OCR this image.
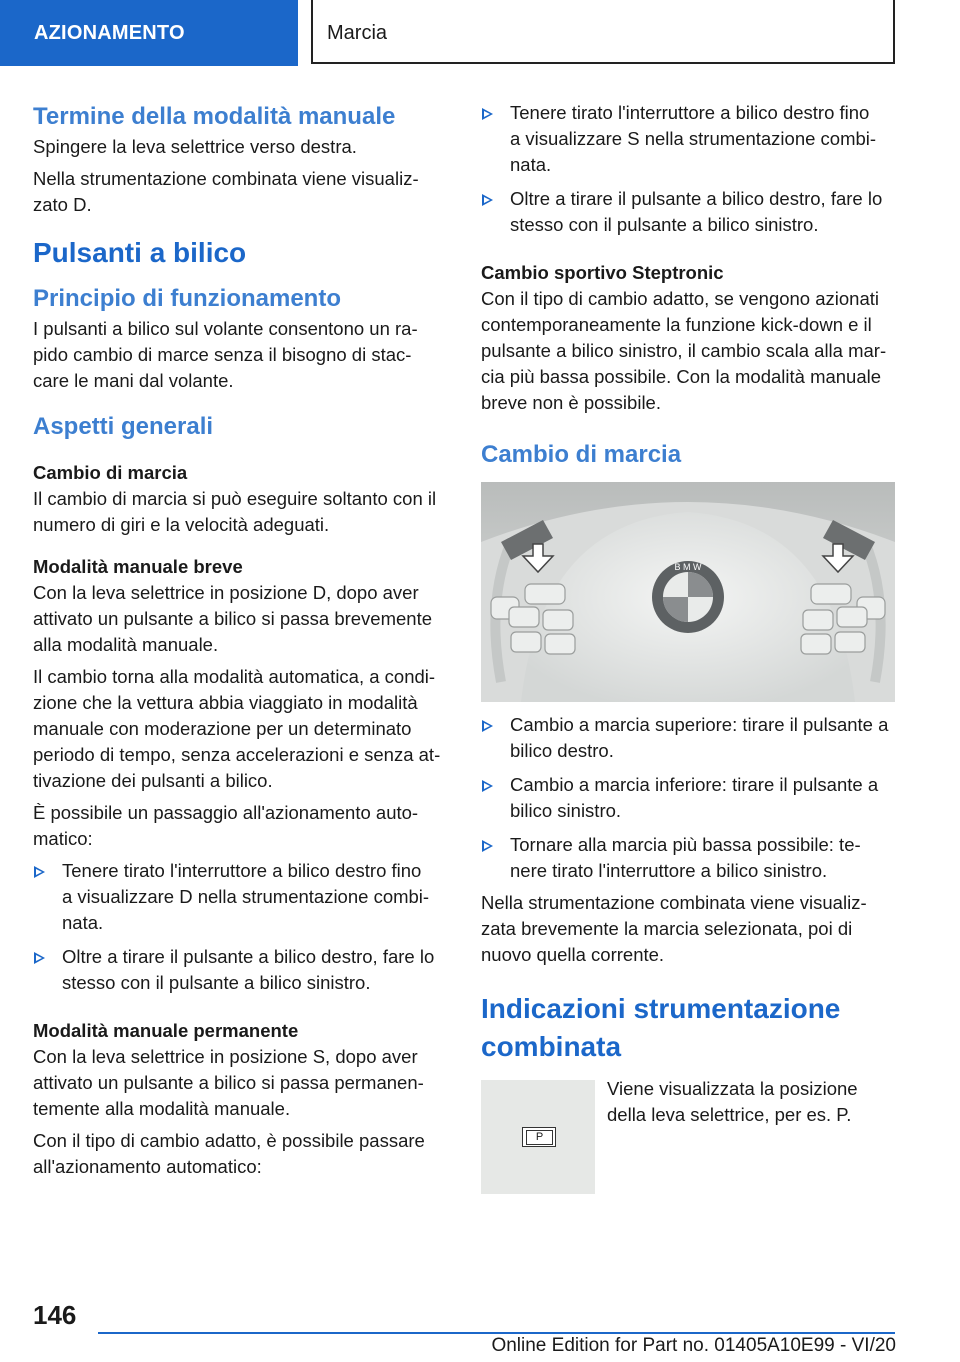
AZIONAMENTO	Marcia
Termine della modalità manuale

Spingere la leva selettrice verso destra.

Nella strumentazione combinata viene visualiz‐

zato D.

Pulsanti a bilico
Principio di funzionamento

I pulsanti a bilico sul volante consentono un ra‐

pido cambio di marce senza il bisogno di stac‐

care le mani dal volante.

Aspetti generali
Cambio di marcia

Il cambio di marcia si può eseguire soltanto con il

numero di giri e la velocità adeguati.

Modalità manuale breve

Con la leva selettrice in posizione D, dopo aver

attivato un pulsante a bilico si passa brevemente

alla modalità manuale.

Il cambio torna alla modalità automatica, a condi‐

zione che la vettura abbia viaggiato in modalità

manuale con moderazione per un determinato

periodo di tempo, senza accelerazioni e senza at‐

tivazione dei pulsanti a bilico.

È possibile un passaggio all'azionamento auto‐

matico:

Tenere tirato l'interruttore a bilico destro fino
a visualizzare D nella strumentazione combi‐
nata.
Oltre a tirare il pulsante a bilico destro, fare lo
stesso con il pulsante a bilico sinistro.
Modalità manuale permanente

Con la leva selettrice in posizione S, dopo aver

attivato un pulsante a bilico si passa permanen‐

temente alla modalità manuale.

Con il tipo di cambio adatto, è possibile passare

all'azionamento automatico:

Tenere tirato l'interruttore a bilico destro fino
a visualizzare S nella strumentazione combi‐
nata.
Oltre a tirare il pulsante a bilico destro, fare lo
stesso con il pulsante a bilico sinistro.
Cambio sportivo Steptronic

Con il tipo di cambio adatto, se vengono azionati

contemporaneamente la funzione kick-down e il

pulsante a bilico sinistro, il cambio scala alla mar‐

cia più bassa possibile. Con la modalità manuale

breve non è possibile.

Cambio di marcia
B M W
Cambio a marcia superiore: tirare il pulsante a
bilico destro.
Cambio a marcia inferiore: tirare il pulsante a
bilico sinistro.
Tornare alla marcia più bassa possibile: te‐
nere tirato l'interruttore a bilico sinistro.

Nella strumentazione combinata viene visualiz‐

zata brevemente la marcia selezionata, poi di

nuovo quella corrente.

Indicazioni strumentazione
combinata
P
Viene visualizzata la posizione
della leva selettrice, per es. P.
146
Online Edition for Part no. 01405A10E99 - VI/20
